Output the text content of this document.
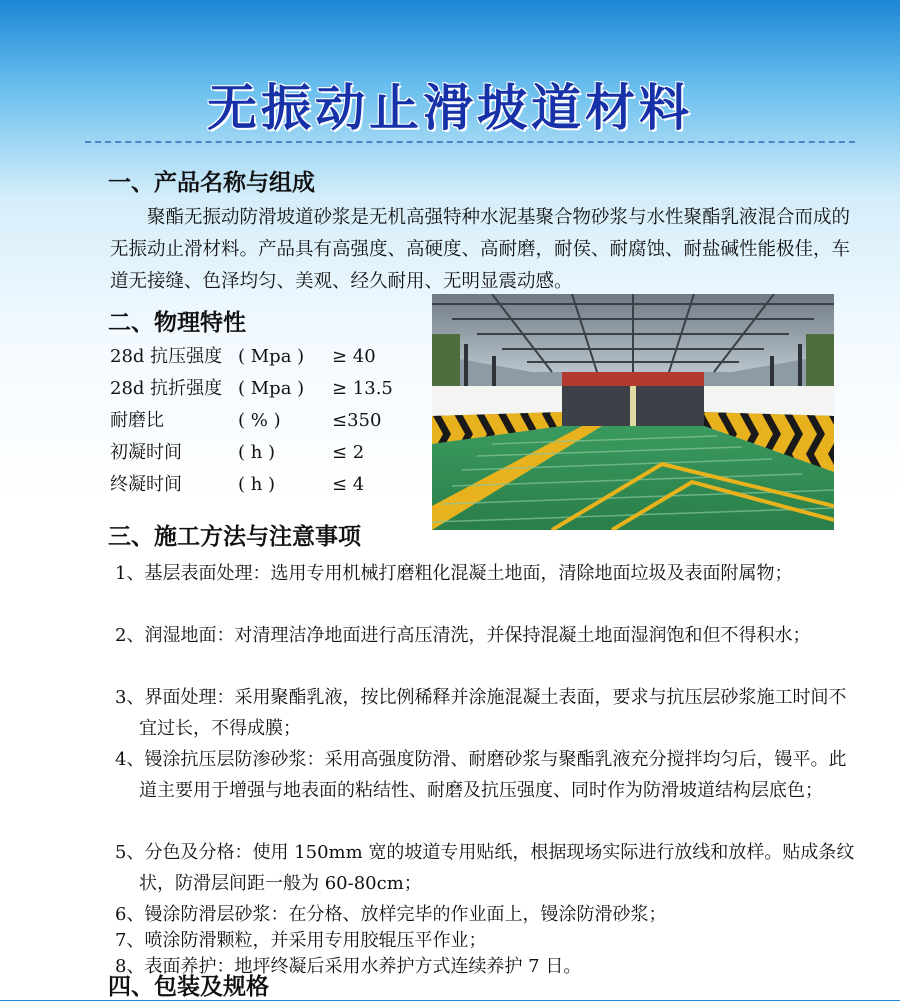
无振动止滑坡道材料
一、产品名称与组成

聚酯无振动防滑坡道砂浆是无机高强特种水泥基聚合物砂浆与水性聚酯乳液混合而成的无振动止滑材料。产品具有高强度、高硬度、高耐磨，耐侯、耐腐蚀、耐盐碱性能极佳，车道无接缝、色泽均匀、美观、经久耐用、无明显震动感。

二、物理特性
28d 抗压强度 ( Mpa ) ≥ 40
28d 抗折强度 ( Mpa ) ≥ 13.5
耐磨比	( % )	≤350
初凝时间	( h )	≤ 2
终凝时间	( h )	≤ 4
三、施工方法与注意事项

1、基层表面处理：选用专用机械打磨粗化混凝土地面，清除地面垃圾及表面附属物；

2、润湿地面：对清理洁净地面进行高压清洗，并保持混凝土地面湿润饱和但不得积水；

3、界面处理：采用聚酯乳液，按比例稀释并涂施混凝土表面，要求与抗压层砂浆施工时间不宜过长，不得成膜；

4、镘涂抗压层防渗砂浆：采用高强度防滑、耐磨砂浆与聚酯乳液充分搅拌均匀后，镘平。此道主要用于增强与地表面的粘结性、耐磨及抗压强度、同时作为防滑坡道结构层底色；

5、分色及分格：使用 150mm 宽的坡道专用贴纸，根据现场实际进行放线和放样。贴成条纹状，防滑层间距一般为 60-80cm；

6、镘涂防滑层砂浆：在分格、放样完毕的作业面上，镘涂防滑砂浆；

7、喷涂防滑颗粒，并采用专用胶辊压平作业；

8、表面养护：地坪终凝后采用水养护方式连续养护 7 日。

四、包装及规格
